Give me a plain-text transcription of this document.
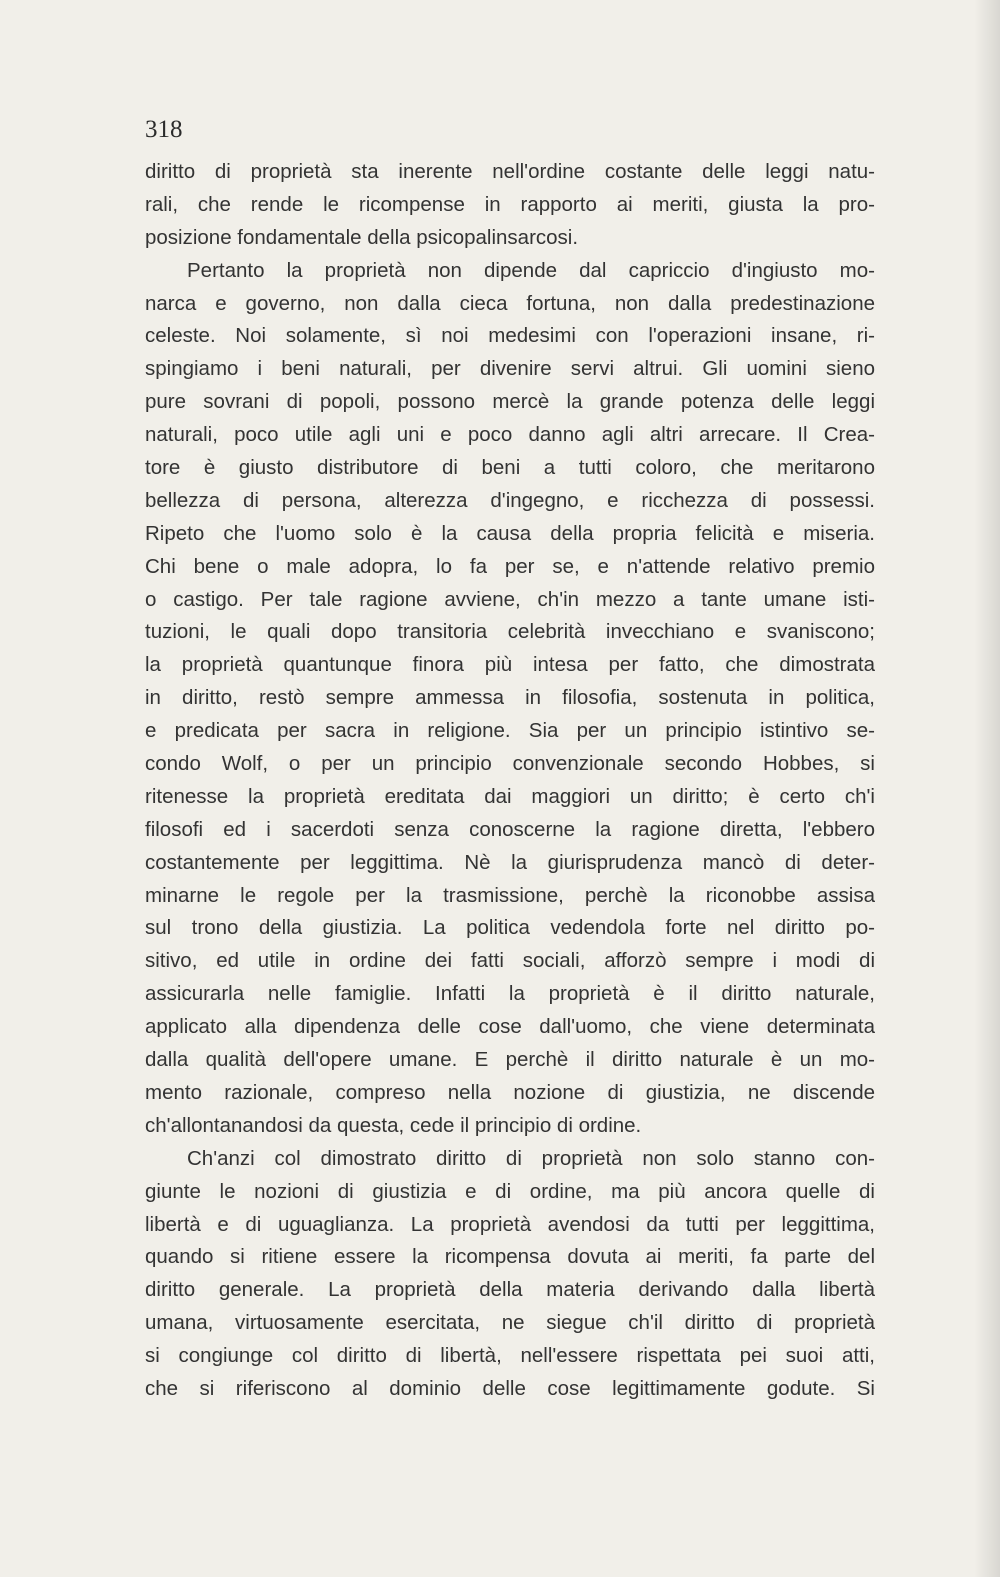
318
diritto di proprietà sta inerente nell'ordine costante delle leggi natu-
rali, che rende le ricompense in rapporto ai meriti, giusta la pro-
posizione fondamentale della psicopalinsarcosi.
Pertanto la proprietà non dipende dal capriccio d'ingiusto mo-
narca e governo, non dalla cieca fortuna, non dalla predestinazione
celeste. Noi solamente, sì noi medesimi con l'operazioni insane, ri-
spingiamo i beni naturali, per divenire servi altrui. Gli uomini sieno
pure sovrani di popoli, possono mercè la grande potenza delle leggi
naturali, poco utile agli uni e poco danno agli altri arrecare. Il Crea-
tore è giusto distributore di beni a tutti coloro, che meritarono
bellezza di persona, alterezza d'ingegno, e ricchezza di possessi.
Ripeto che l'uomo solo è la causa della propria felicità e miseria.
Chi bene o male adopra, lo fa per se, e n'attende relativo premio
o castigo. Per tale ragione avviene, ch'in mezzo a tante umane isti-
tuzioni, le quali dopo transitoria celebrità invecchiano e svaniscono;
la proprietà quantunque finora più intesa per fatto, che dimostrata
in diritto, restò sempre ammessa in filosofia, sostenuta in politica,
e predicata per sacra in religione. Sia per un principio istintivo se-
condo Wolf, o per un principio convenzionale secondo Hobbes, si
ritenesse la proprietà ereditata dai maggiori un diritto; è certo ch'i
filosofi ed i sacerdoti senza conoscerne la ragione diretta, l'ebbero
costantemente per leggittima. Nè la giurisprudenza mancò di deter-
minarne le regole per la trasmissione, perchè la riconobbe assisa
sul trono della giustizia. La politica vedendola forte nel diritto po-
sitivo, ed utile in ordine dei fatti sociali, afforzò sempre i modi di
assicurarla nelle famiglie. Infatti la proprietà è il diritto naturale,
applicato alla dipendenza delle cose dall'uomo, che viene determinata
dalla qualità dell'opere umane. E perchè il diritto naturale è un mo-
mento razionale, compreso nella nozione di giustizia, ne discende
ch'allontanandosi da questa, cede il principio di ordine.
Ch'anzi col dimostrato diritto di proprietà non solo stanno con-
giunte le nozioni di giustizia e di ordine, ma più ancora quelle di
libertà e di uguaglianza. La proprietà avendosi da tutti per leggittima,
quando si ritiene essere la ricompensa dovuta ai meriti, fa parte del
diritto generale. La proprietà della materia derivando dalla libertà
umana, virtuosamente esercitata, ne siegue ch'il diritto di proprietà
si congiunge col diritto di libertà, nell'essere rispettata pei suoi atti,
che si riferiscono al dominio delle cose legittimamente godute. Si
